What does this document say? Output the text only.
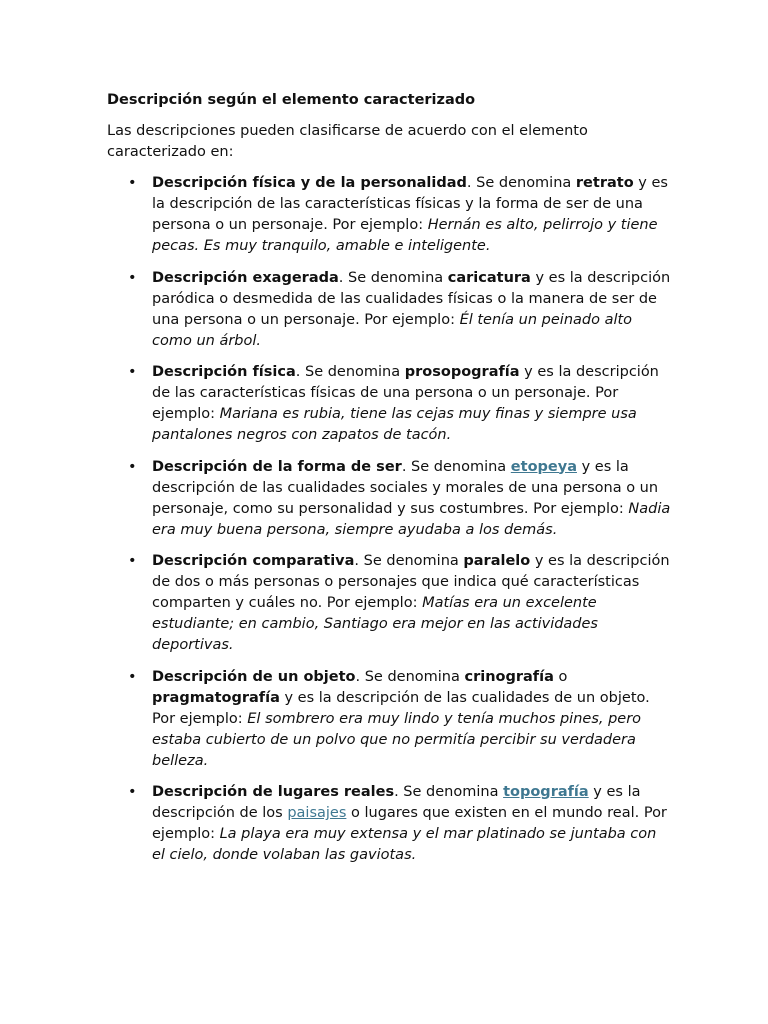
Descripción según el elemento caracterizado

Las descripciones pueden clasificarse de acuerdo con el elemento caracterizado en:

• Descripción física y de la personalidad. Se denomina retrato y es la descripción de las características físicas y la forma de ser de una persona o un personaje. Por ejemplo: Hernán es alto, pelirrojo y tiene pecas. Es muy tranquilo, amable e inteligente.
• Descripción exagerada. Se denomina caricatura y es la descripción paródica o desmedida de las cualidades físicas o la manera de ser de una persona o un personaje. Por ejemplo: Él tenía un peinado alto como un árbol.
• Descripción física. Se denomina prosopografía y es la descripción de las características físicas de una persona o un personaje. Por ejemplo: Mariana es rubia, tiene las cejas muy finas y siempre usa pantalones negros con zapatos de tacón.
• Descripción de la forma de ser. Se denomina etopeya y es la descripción de las cualidades sociales y morales de una persona o un personaje, como su personalidad y sus costumbres. Por ejemplo: Nadia era muy buena persona, siempre ayudaba a los demás.
• Descripción comparativa. Se denomina paralelo y es la descripción de dos o más personas o personajes que indica qué características comparten y cuáles no. Por ejemplo: Matías era un excelente estudiante; en cambio, Santiago era mejor en las actividades deportivas.
• Descripción de un objeto. Se denomina crinografía o pragmatografía y es la descripción de las cualidades de un objeto. Por ejemplo: El sombrero era muy lindo y tenía muchos pines, pero estaba cubierto de un polvo que no permitía percibir su verdadera belleza.
• Descripción de lugares reales. Se denomina topografía y es la descripción de los paisajes o lugares que existen en el mundo real. Por ejemplo: La playa era muy extensa y el mar platinado se juntaba con el cielo, donde volaban las gaviotas.
